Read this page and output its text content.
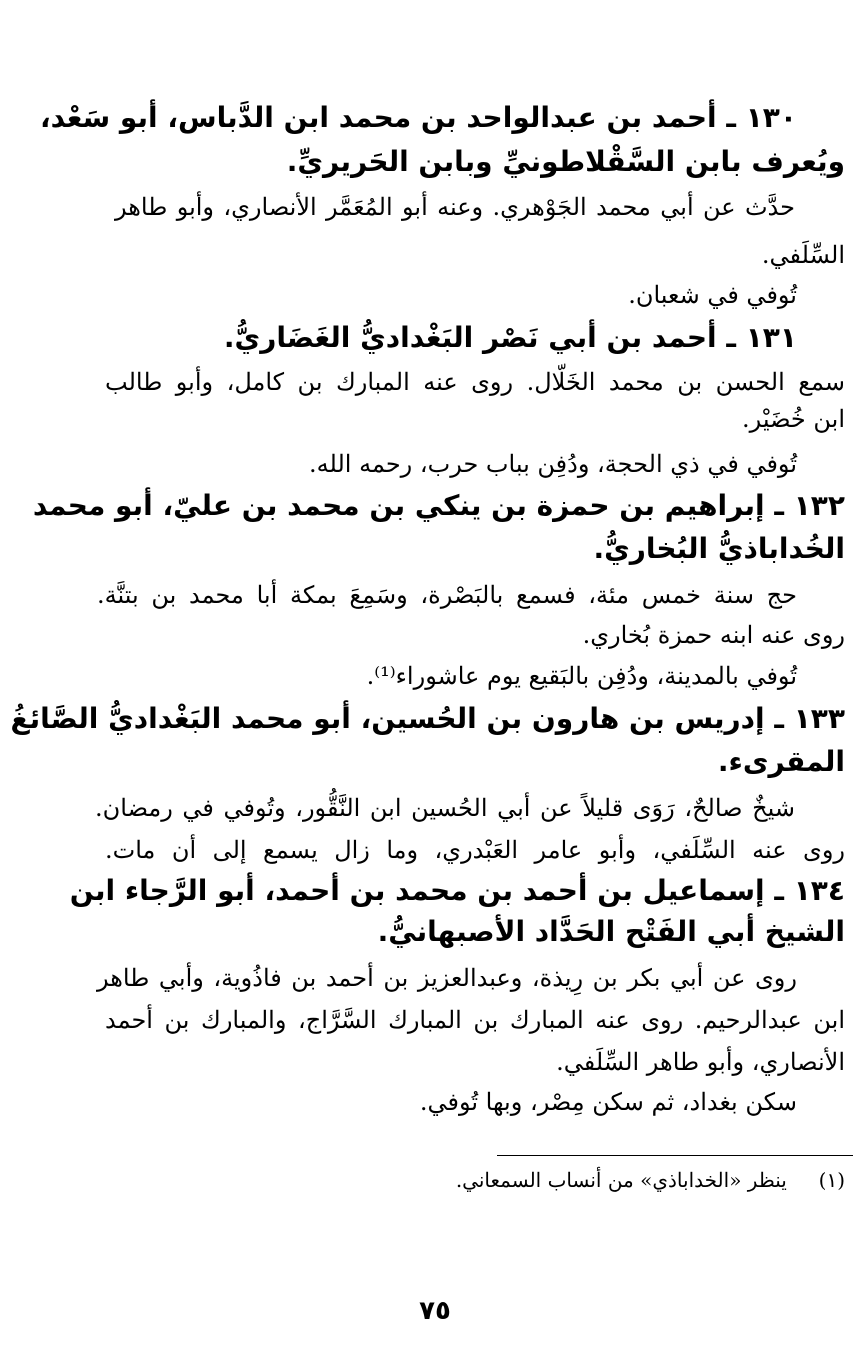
١٣٠ ـ أحمد بن عبدالواحد بن محمد ابن الدَّباس، أبو سَعْد،
ويُعرف بابن السَّقْلاطونيِّ وبابن الحَريريِّ.
حدَّث عن أبي محمد الجَوْهري. وعنه أبو المُعَمَّر الأنصاري، وأبو طاهر
السِّلَفي.
تُوفي في شعبان.
١٣١ ـ أحمد بن أبي نَصْر البَغْداديُّ الغَضَاريُّ.
سمع الحسن بن محمد الخَلّال. روى عنه المبارك بن كامل، وأبو طالب
ابن خُضَيْر.
تُوفي في ذي الحجة، ودُفِن بباب حرب، رحمه الله.
١٣٢ ـ إبراهيم بن حمزة بن ينكي بن محمد بن عليّ، أبو محمد
الخُداباذيُّ البُخاريُّ.
حج سنة خمس مئة، فسمع بالبَصْرة، وسَمِعَ بمكة أبا محمد بن بتنَّة.
روى عنه ابنه حمزة بُخاري.
تُوفي بالمدينة، ودُفِن بالبَقيع يوم عاشوراء⁽¹⁾.
١٣٣ ـ إدريس بن هارون بن الحُسين، أبو محمد البَغْداديُّ الصَّائغُ
المقرىء.
شيخٌ صالحٌ، رَوَى قليلاً عن أبي الحُسين ابن النَّقُّور، وتُوفي في رمضان.
روى عنه السِّلَفي، وأبو عامر العَبْدري، وما زال يسمع إلى أن مات.
١٣٤ ـ إسماعيل بن أحمد بن محمد بن أحمد، أبو الرَّجاء ابن
الشيخ أبي الفَتْح الحَدَّاد الأصبهانيُّ.
روى عن أبي بكر بن رِيذة، وعبدالعزيز بن أحمد بن فاذُوية، وأبي طاهر
ابن عبدالرحيم. روى عنه المبارك بن المبارك السَّرَّاج، والمبارك بن أحمد
الأنصاري، وأبو طاهر السِّلَفي.
سكن بغداد، ثم سكن مِصْر، وبها تُوفي.
(١)     ينظر «الخداباذي» من أنساب السمعاني.
٧٥
